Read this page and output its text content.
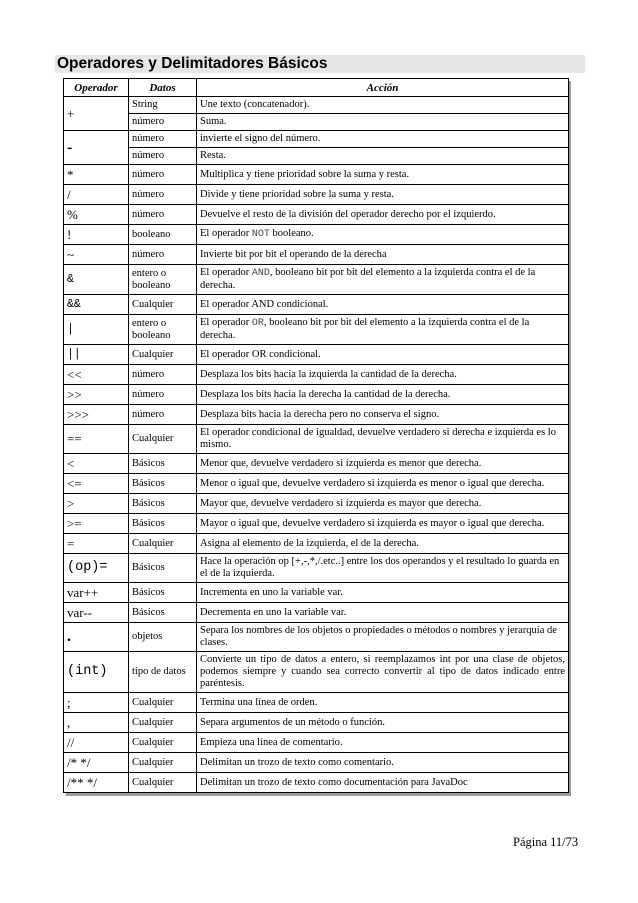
Operadores y Delimitadores Básicos
Operador	Datos	Acción
+	String	Une texto (concatenador).
	número	Suma.
-	número	invierte el signo del número.
	número	Resta.
*	número	Multiplica y tiene prioridad sobre la suma y resta.
/	número	Divide y tiene prioridad sobre la suma y resta.
%	número	Devuelve el resto de la división del operador derecho por el izquierdo.
!	booleano	El operador NOT booleano.
~	número	Invierte bit por bit el operando de la derecha
&	entero o booleano	El operador AND, booleano bit por bit del elemento a la izquierda contra el de la derecha.
&&	Cualquier	El operador AND condicional.
|	entero o booleano	El operador OR, booleano bit por bit del elemento a la izquierda contra el de la derecha.
||	Cualquier	El operador OR condicional.
<<	número	Desplaza los bits hacia la izquierda la cantidad de la derecha.
>>	número	Desplaza los bits hacia la derecha la cantidad de la derecha.
>>>	número	Desplaza bits hacia la derecha pero no conserva el signo.
==	Cualquier	El operador condicional de igualdad, devuelve verdadero si derecha e izquierda es lo mismo.
<	Básicos	Menor que, devuelve verdadero si izquierda es menor que derecha.
<=	Básicos	Menor o igual que, devuelve verdadero si izquierda es menor o igual que derecha.
>	Básicos	Mayor que, devuelve verdadero si izquierda es mayor que derecha.
>=	Básicos	Mayor o igual que, devuelve verdadero si izquierda es mayor o igual que derecha.
=	Cualquier	Asigna al elemento de la izquierda, el de la derecha.
(op)=	Básicos	Hace la operación op [+,-,*,/.etc..] entre los dos operandos y el resultado lo guarda en el de la izquierda.
var++	Básicos	Incrementa en uno la variable var.
var--	Básicos	Decrementa en uno la variable var.
.	objetos	Separa los nombres de los objetos o propiedades o métodos o nombres y jerarquía de clases.
(int)	tipo de datos	Convierte un tipo de datos a entero, si reemplazamos int por una clase de objetos, podemos siempre y cuando sea correcto convertir al tipo de datos indicado entre paréntesis.
;	Cualquier	Termina una línea de orden.
,	Cualquier	Separa argumentos de un método o función.
//	Cualquier	Empieza una línea de comentario.
/* */	Cualquier	Delimitan un trozo de texto como comentario.
/** */	Cualquier	Delimitan un trozo de texto como documentación para JavaDoc
Página 11/73
